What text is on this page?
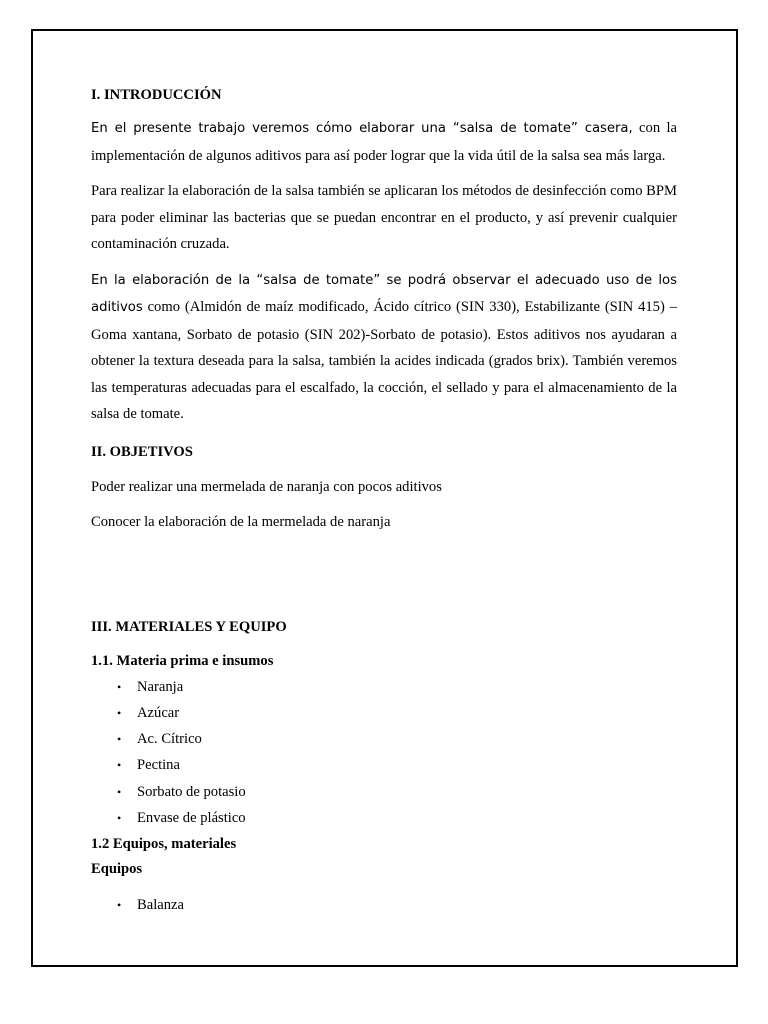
I. INTRODUCCIÓN

En el presente trabajo veremos cómo elaborar una “salsa de tomate” casera, con la implementación de algunos aditivos para así poder lograr que la vida útil de la salsa sea más larga.

Para realizar la elaboración de la salsa también se aplicaran los métodos de desinfección como BPM para poder eliminar las bacterias que se puedan encontrar en el producto, y así prevenir cualquier contaminación cruzada.

En la elaboración de la “salsa de tomate” se podrá observar el adecuado uso de los aditivos como (Almidón de maíz modificado, Ácido cítrico (SIN 330), Estabilizante (SIN 415) – Goma xantana, Sorbato de potasio (SIN 202)-Sorbato de potasio). Estos aditivos nos ayudaran a obtener la textura deseada para la salsa, también la acides indicada (grados brix). También veremos las temperaturas adecuadas para el escalfado, la cocción, el sellado y para el almacenamiento de la salsa de tomate.

II. OBJETIVOS

Poder realizar una mermelada de naranja con pocos aditivos

Conocer la elaboración de la mermelada de naranja

III. MATERIALES Y EQUIPO

1.1. Materia prima e insumos

• Naranja
• Azúcar
• Ac. Cítrico
• Pectina
• Sorbato de potasio
• Envase de plástico

1.2 Equipos, materiales

Equipos

• Balanza
